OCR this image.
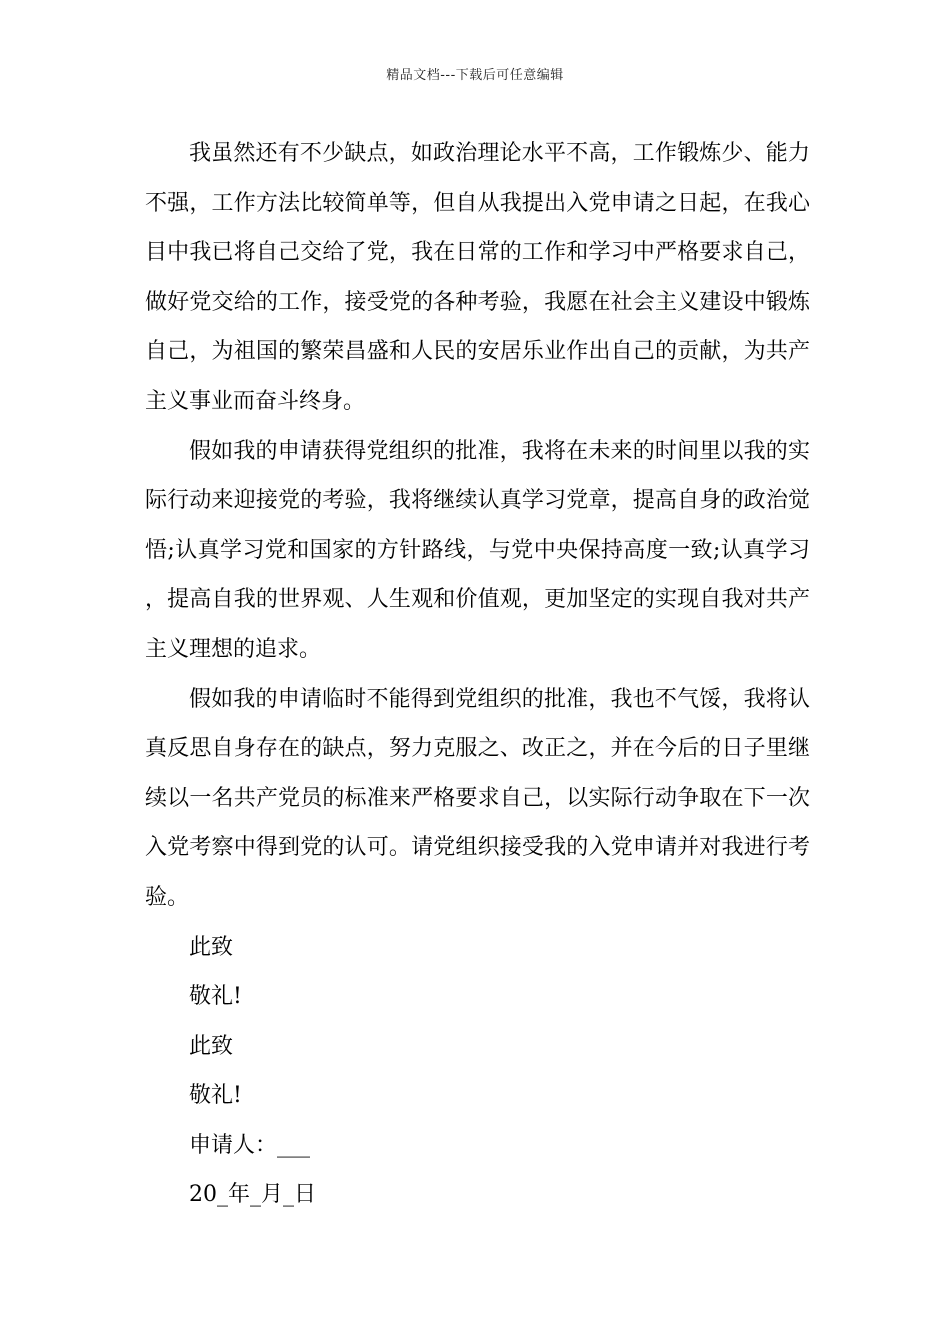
精品文档---下载后可任意编辑

我虽然还有不少缺点，如政治理论水平不高，工作锻炼少、能力不强，工作方法比较简单等，但自从我提出入党申请之日起，在我心目中我已将自己交给了党，我在日常的工作和学习中严格要求自己，做好党交给的工作，接受党的各种考验，我愿在社会主义建设中锻炼自己，为祖国的繁荣昌盛和人民的安居乐业作出自己的贡献，为共产主义事业而奋斗终身。

假如我的申请获得党组织的批准，我将在未来的时间里以我的实际行动来迎接党的考验，我将继续认真学习党章，提高自身的政治觉悟;认真学习党和国家的方针路线，与党中央保持高度一致;认真学习，提高自我的世界观、人生观和价值观，更加坚定的实现自我对共产主义理想的追求。

假如我的申请临时不能得到党组织的批准，我也不气馁，我将认真反思自身存在的缺点，努力克服之、改正之，并在今后的日子里继续以一名共产党员的标准来严格要求自己，以实际行动争取在下一次入党考察中得到党的认可。请党组织接受我的入党申请并对我进行考验。

此致

敬礼!

此致

敬礼!

申请人：___

20_年_月_日
